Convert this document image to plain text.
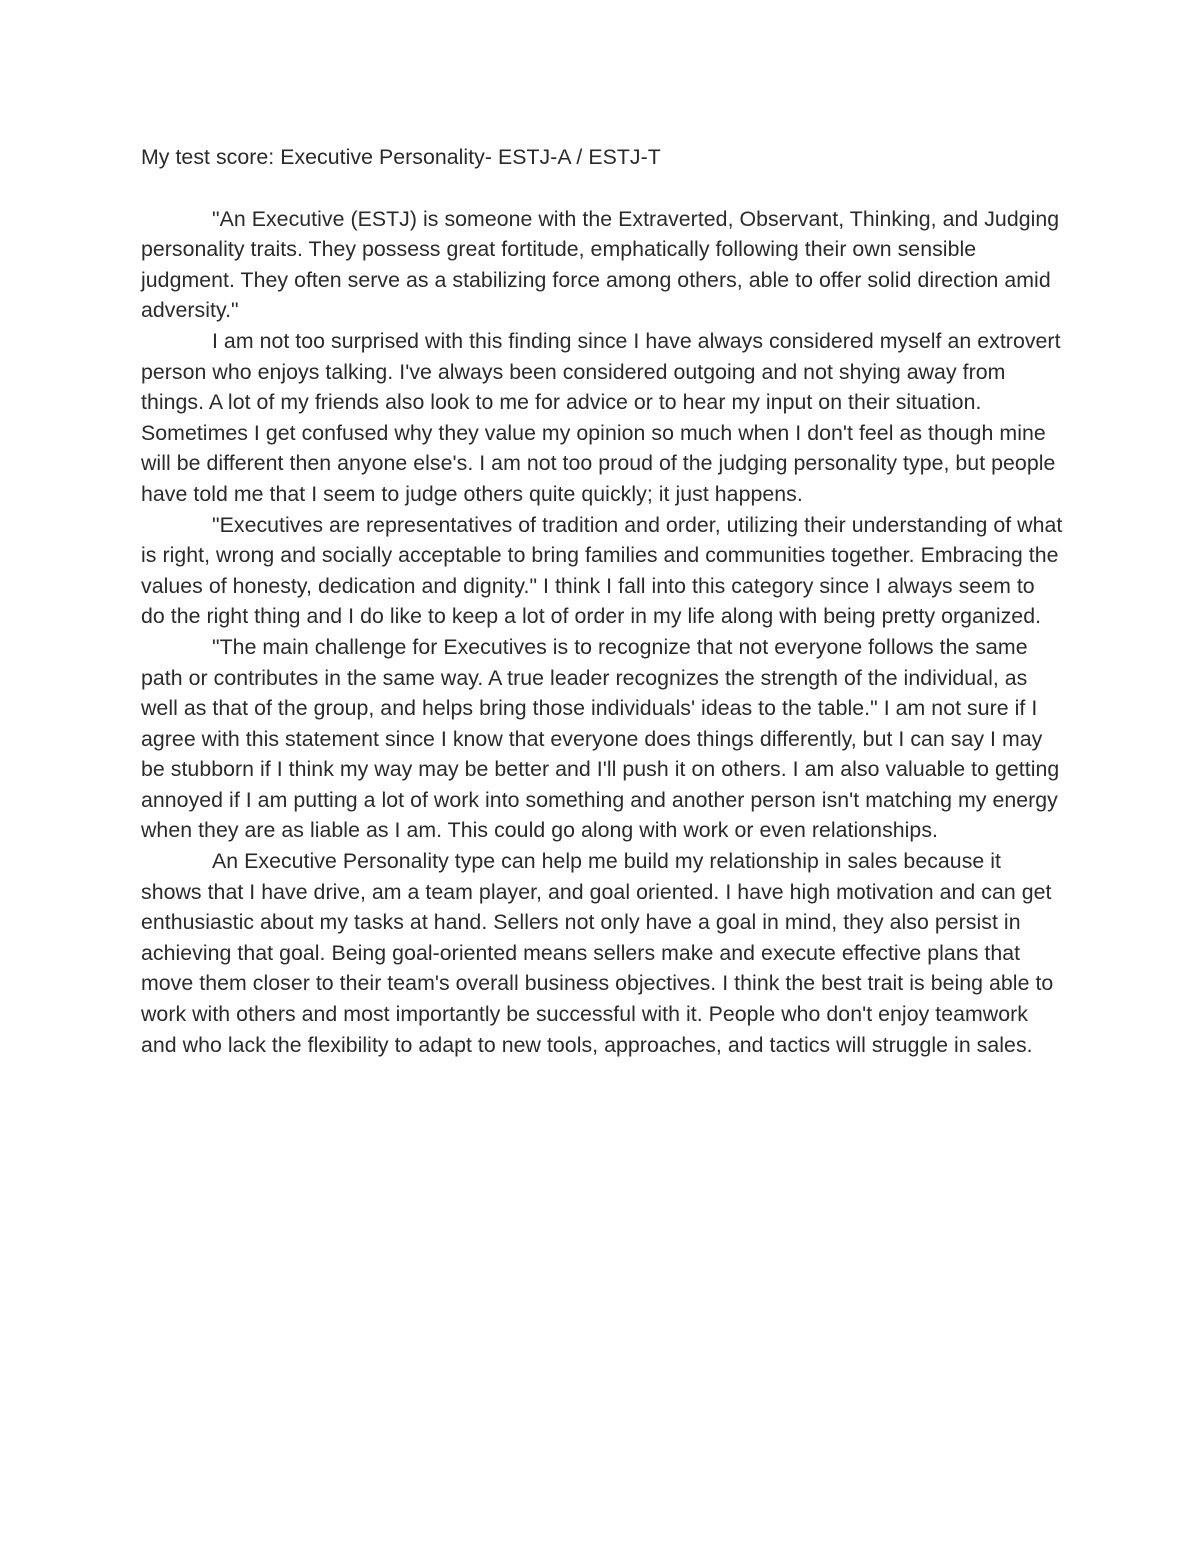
My test score: Executive Personality- ESTJ-A / ESTJ-T

"An Executive (ESTJ) is someone with the Extraverted, Observant, Thinking, and Judging personality traits. They possess great fortitude, emphatically following their own sensible judgment. They often serve as a stabilizing force among others, able to offer solid direction amid adversity."

I am not too surprised with this finding since I have always considered myself an extrovert person who enjoys talking. I've always been considered outgoing and not shying away from things. A lot of my friends also look to me for advice or to hear my input on their situation. Sometimes I get confused why they value my opinion so much when I don't feel as though mine will be different then anyone else's. I am not too proud of the judging personality type, but people have told me that I seem to judge others quite quickly; it just happens.

"Executives are representatives of tradition and order, utilizing their understanding of what is right, wrong and socially acceptable to bring families and communities together. Embracing the values of honesty, dedication and dignity." I think I fall into this category since I always seem to do the right thing and I do like to keep a lot of order in my life along with being pretty organized.

"The main challenge for Executives is to recognize that not everyone follows the same path or contributes in the same way. A true leader recognizes the strength of the individual, as well as that of the group, and helps bring those individuals' ideas to the table." I am not sure if I agree with this statement since I know that everyone does things differently, but I can say I may be stubborn if I think my way may be better and I'll push it on others. I am also valuable to getting annoyed if I am putting a lot of work into something and another person isn't matching my energy when they are as liable as I am. This could go along with work or even relationships.

An Executive Personality type can help me build my relationship in sales because it shows that I have drive, am a team player, and goal oriented. I have high motivation and can get enthusiastic about my tasks at hand. Sellers not only have a goal in mind, they also persist in achieving that goal. Being goal-oriented means sellers make and execute effective plans that move them closer to their team's overall business objectives. I think the best trait is being able to work with others and most importantly be successful with it. People who don't enjoy teamwork and who lack the flexibility to adapt to new tools, approaches, and tactics will struggle in sales.
